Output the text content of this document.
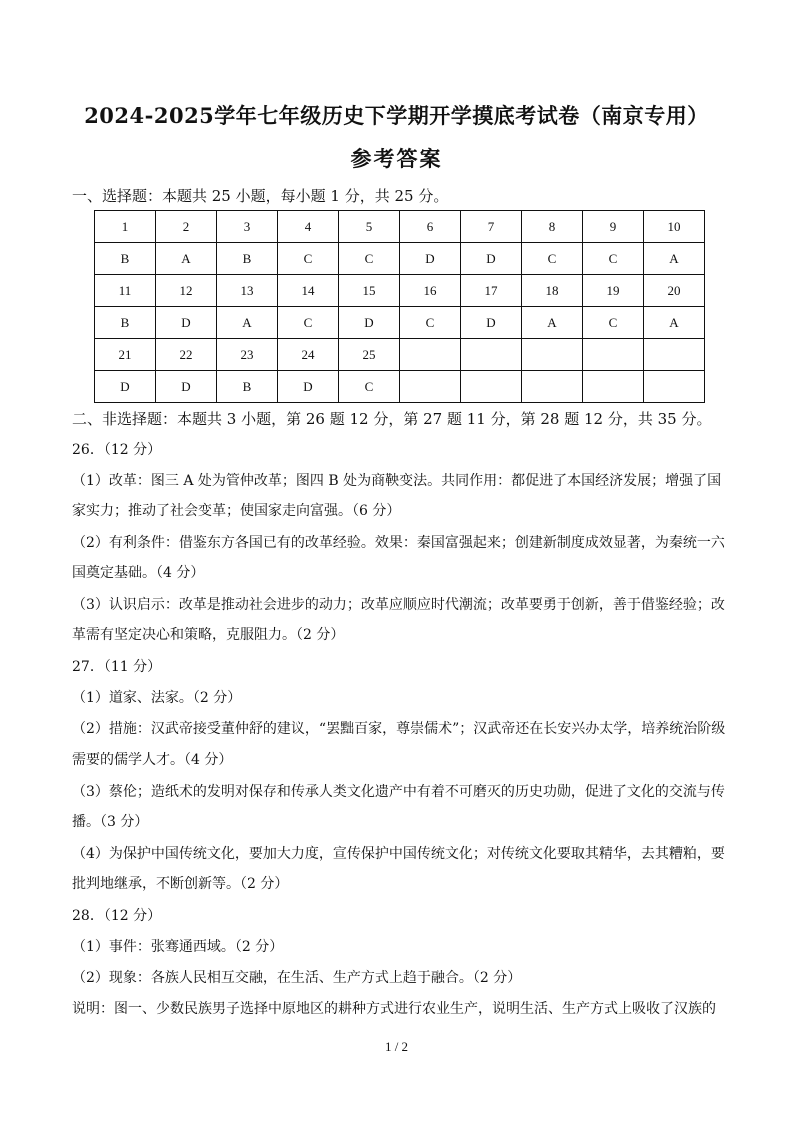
2024-2025学年七年级历史下学期开学摸底考试卷（南京专用）
参考答案
一、选择题：本题共 25 小题，每小题 1 分，共 25 分。
1	2	3	4	5	6	7	8	9	10
B	A	B	C	C	D	D	C	C	A
11	12	13	14	15	16	17	18	19	20
B	D	A	C	D	C	D	A	C	A
21	22	23	24	25					
D	D	B	D	C					
二、非选择题：本题共 3 小题，第 26 题 12 分，第 27 题 11 分，第 28 题 12 分，共 35 分。
26．（12 分）
（1）改革：图三 A 处为管仲改革；图四 B 处为商鞅变法。共同作用：都促进了本国经济发展；增强了国
家实力；推动了社会变革；使国家走向富强。（6 分）
（2）有利条件：借鉴东方各国已有的改革经验。效果：秦国富强起来；创建新制度成效显著，为秦统一六
国奠定基础。（4 分）
（3）认识启示：改革是推动社会进步的动力；改革应顺应时代潮流；改革要勇于创新，善于借鉴经验；改
革需有坚定决心和策略，克服阻力。（2 分）
27．（11 分）
（1）道家、法家。（2 分）
（2）措施：汉武帝接受董仲舒的建议，“罢黜百家，尊崇儒术”；汉武帝还在长安兴办太学，培养统治阶级
需要的儒学人才。（4 分）
（3）蔡伦；造纸术的发明对保存和传承人类文化遗产中有着不可磨灭的历史功勋，促进了文化的交流与传
播。（3 分）
（4）为保护中国传统文化，要加大力度，宣传保护中国传统文化；对传统文化要取其精华，去其糟粕，要
批判地继承，不断创新等。（2 分）
28．（12 分）
（1）事件：张骞通西域。（2 分）
（2）现象：各族人民相互交融，在生活、生产方式上趋于融合。（2 分）
说明：图一、少数民族男子选择中原地区的耕种方式进行农业生产，说明生活、生产方式上吸收了汉族的
1 / 2
